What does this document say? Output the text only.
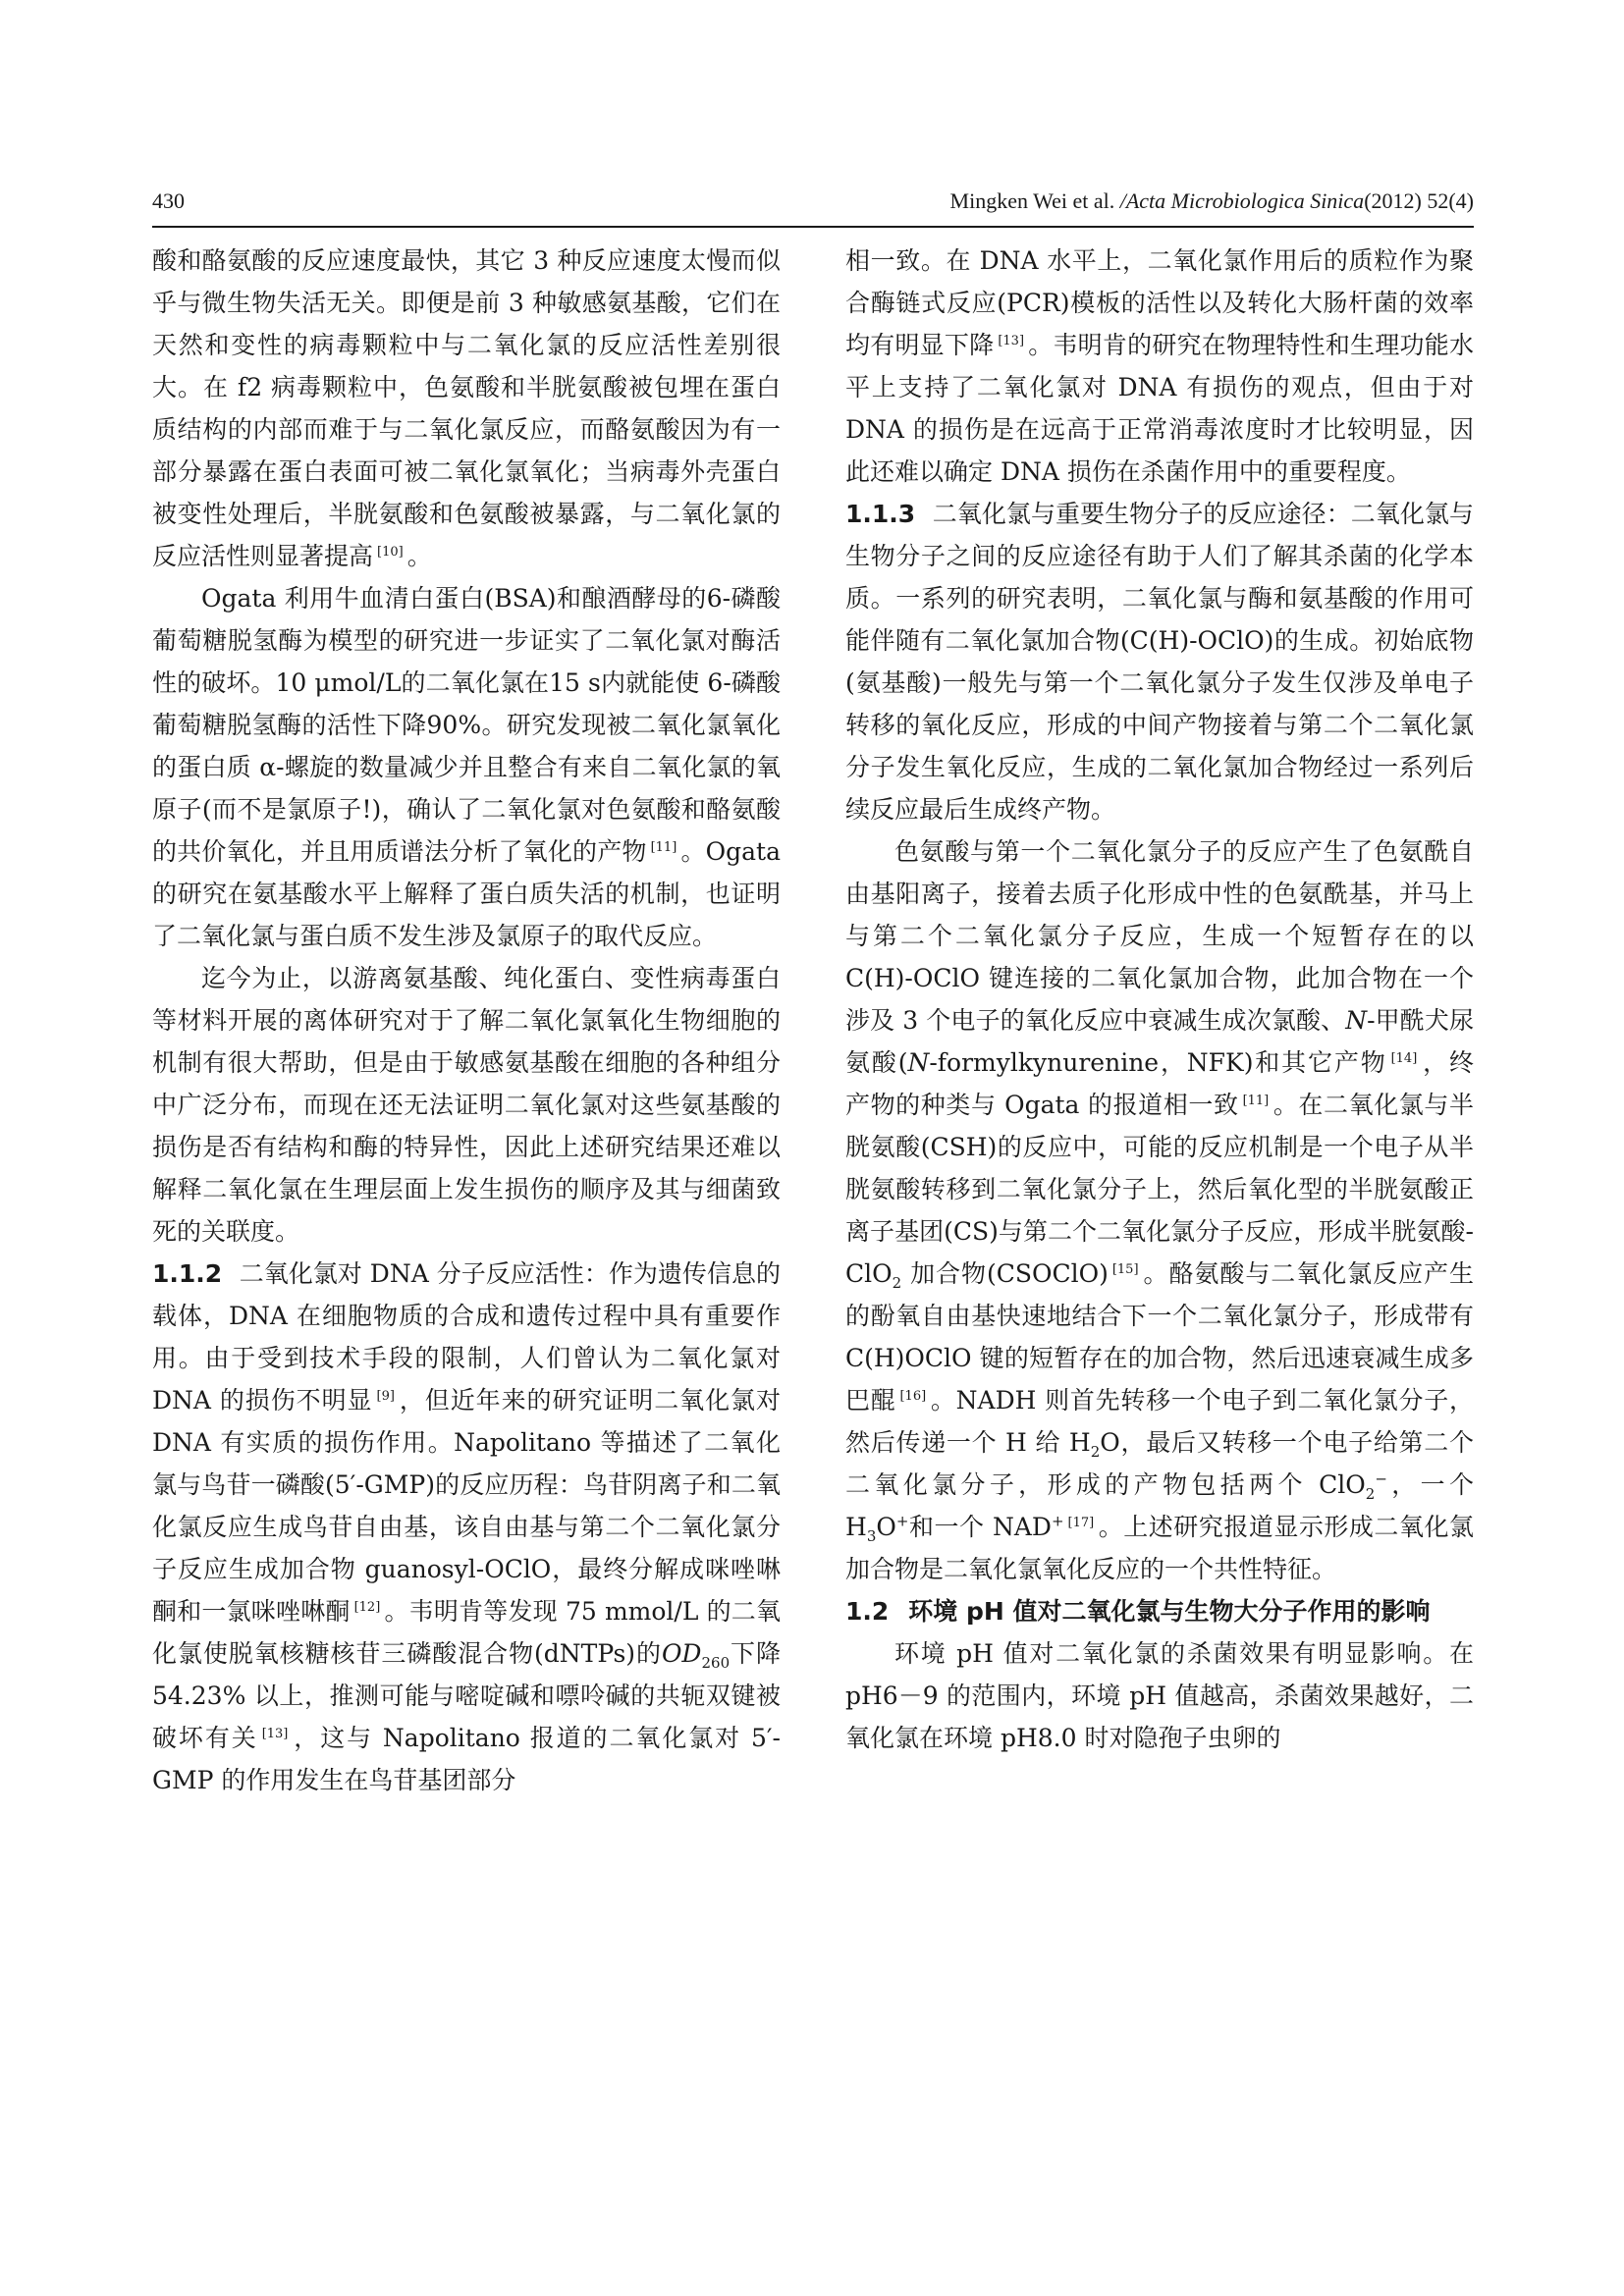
430	Mingken Wei et al. /Acta Microbiologica Sinica(2012) 52(4)

酸和酪氨酸的反应速度最快，其它 3 种反应速度太慢而似乎与微生物失活无关。即便是前 3 种敏感氨基酸，它们在天然和变性的病毒颗粒中与二氧化氯的反应活性差别很大。在 f2 病毒颗粒中，色氨酸和半胱氨酸被包埋在蛋白质结构的内部而难于与二氧化氯反应，而酪氨酸因为有一部分暴露在蛋白表面可被二氧化氯氧化；当病毒外壳蛋白被变性处理后，半胱氨酸和色氨酸被暴露，与二氧化氯的反应活性则显著提高 [10] 。

Ogata 利用牛血清白蛋白(BSA)和酿酒酵母的6-磷酸葡萄糖脱氢酶为模型的研究进一步证实了二氧化氯对酶活性的破坏。10 μmol/L的二氧化氯在15 s内就能使 6-磷酸葡萄糖脱氢酶的活性下降90%。研究发现被二氧化氯氧化的蛋白质 α-螺旋的数量减少并且整合有来自二氧化氯的氧原子(而不是氯原子!)，确认了二氧化氯对色氨酸和酪氨酸的共价氧化，并且用质谱法分析了氧化的产物 [11] 。Ogata 的研究在氨基酸水平上解释了蛋白质失活的机制，也证明了二氧化氯与蛋白质不发生涉及氯原子的取代反应。

迄今为止，以游离氨基酸、纯化蛋白、变性病毒蛋白等材料开展的离体研究对于了解二氧化氯氧化生物细胞的机制有很大帮助，但是由于敏感氨基酸在细胞的各种组分中广泛分布，而现在还无法证明二氧化氯对这些氨基酸的损伤是否有结构和酶的特异性，因此上述研究结果还难以解释二氧化氯在生理层面上发生损伤的顺序及其与细菌致死的关联度。

1.1.2 二氧化氯对 DNA 分子反应活性：作为遗传信息的载体，DNA 在细胞物质的合成和遗传过程中具有重要作用。由于受到技术手段的限制，人们曾认为二氧化氯对 DNA 的损伤不明显 [9] ，但近年来的研究证明二氧化氯对 DNA 有实质的损伤作用。Napolitano 等描述了二氧化氯与鸟苷一磷酸(5′-GMP)的反应历程：鸟苷阴离子和二氧化氯反应生成鸟苷自由基，该自由基与第二个二氧化氯分子反应生成加合物 guanosyl-OClO，最终分解成咪唑啉酮和一氯咪唑啉酮 [12] 。韦明肯等发现 75 mmol/L 的二氧化氯使脱氧核糖核苷三磷酸混合物(dNTPs)的$OD_{260}$下降 54.23% 以上，推测可能与嘧啶碱和嘌呤碱的共轭双键被破坏有关 [13] ，这与 Napolitano 报道的二氧化氯对 5′-GMP 的作用发生在鸟苷基团部分

相一致。在 DNA 水平上，二氧化氯作用后的质粒作为聚合酶链式反应(PCR)模板的活性以及转化大肠杆菌的效率均有明显下降 [13] 。韦明肯的研究在物理特性和生理功能水平上支持了二氧化氯对 DNA 有损伤的观点，但由于对 DNA 的损伤是在远高于正常消毒浓度时才比较明显，因此还难以确定 DNA 损伤在杀菌作用中的重要程度。

1.1.3 二氧化氯与重要生物分子的反应途径：二氧化氯与生物分子之间的反应途径有助于人们了解其杀菌的化学本质。一系列的研究表明，二氧化氯与酶和氨基酸的作用可能伴随有二氧化氯加合物(C(H)-OClO)的生成。初始底物(氨基酸)一般先与第一个二氧化氯分子发生仅涉及单电子转移的氧化反应，形成的中间产物接着与第二个二氧化氯分子发生氧化反应，生成的二氧化氯加合物经过一系列后续反应最后生成终产物。

色氨酸与第一个二氧化氯分子的反应产生了色氨酰自由基阳离子，接着去质子化形成中性的色氨酰基，并马上与第二个二氧化氯分子反应，生成一个短暂存在的以 C(H)-OClO 键连接的二氧化氯加合物，此加合物在一个涉及 3 个电子的氧化反应中衰减生成次氯酸、N-甲酰犬尿氨酸(N-formylkynurenine，NFK)和其它产物 [14] ，终产物的种类与 Ogata 的报道相一致 [11] 。在二氧化氯与半胱氨酸(CSH)的反应中，可能的反应机制是一个电子从半胱氨酸转移到二氧化氯分子上，然后氧化型的半胱氨酸正离子基团(CS)与第二个二氧化氯分子反应，形成半胱氨酸-ClO$_2$ 加合物(CSOClO) [15] 。酪氨酸与二氧化氯反应产生的酚氧自由基快速地结合下一个二氧化氯分子，形成带有 C(H)OClO 键的短暂存在的加合物，然后迅速衰减生成多巴醌 [16] 。NADH 则首先转移一个电子到二氧化氯分子，然后传递一个 H 给 $H_2O$，最后又转移一个电子给第二个二氧化氯分子，形成的产物包括两个 ClO$_2$−，一个 $H_3O^+$和一个 NAD+ [17] 。上述研究报道显示形成二氧化氯加合物是二氧化氯氧化反应的一个共性特征。

1.2 环境 pH 值对二氧化氯与生物大分子作用的影响

环境 pH 值对二氧化氯的杀菌效果有明显影响。在 pH6－9 的范围内，环境 pH 值越高，杀菌效果越好，二氧化氯在环境 pH8.0 时对隐孢子虫卵的
